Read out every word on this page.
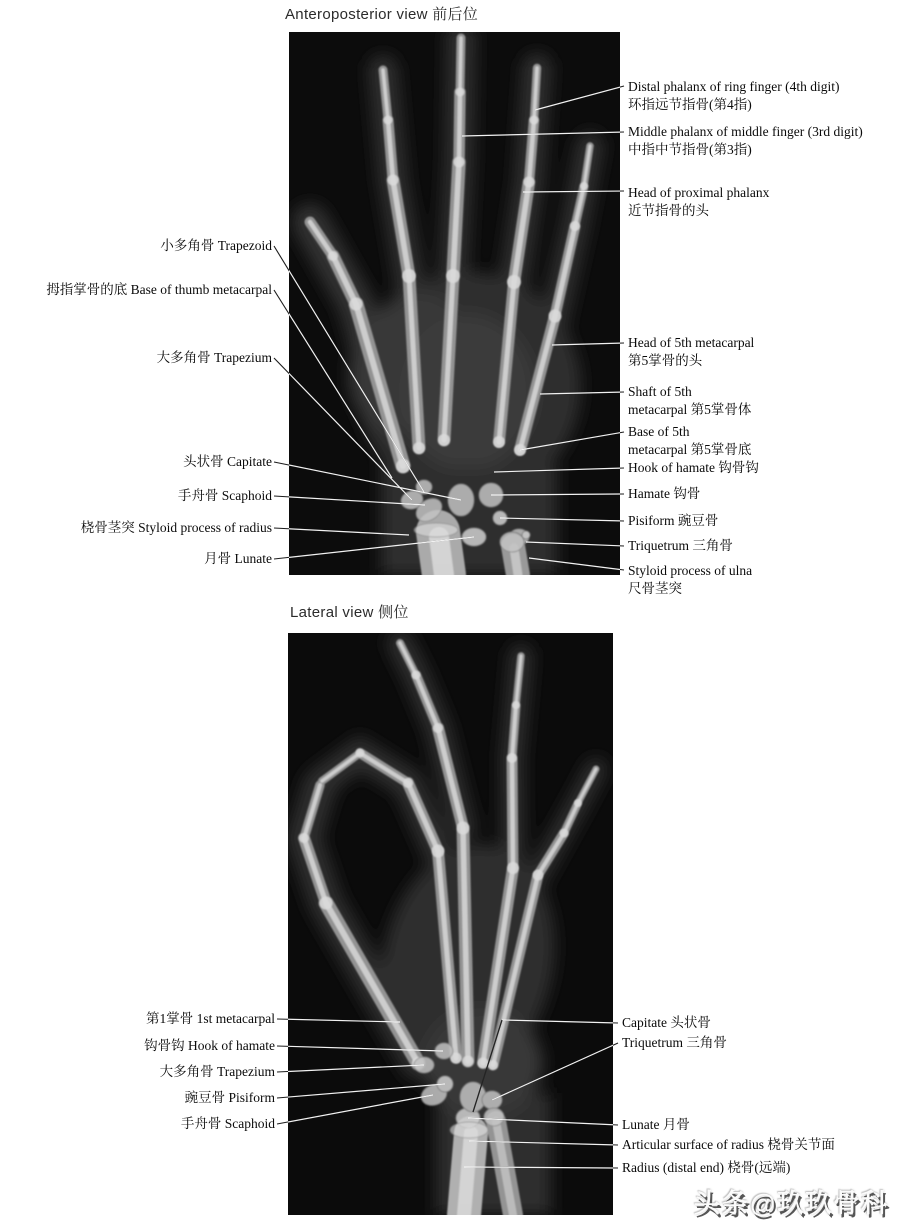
Anteroposterior view 前后位
小多角骨 Trapezoid
拇指掌骨的底 Base of thumb metacarpal
大多角骨 Trapezium
头状骨 Capitate
手舟骨 Scaphoid
桡骨茎突 Styloid process of radius
月骨 Lunate
Distal phalanx of ring finger (4th digit)
环指远节指骨(第4指)
Middle phalanx of middle finger (3rd digit)
中指中节指骨(第3指)
Head of proximal phalanx
近节指骨的头
Head of 5th metacarpal
第5掌骨的头
Shaft of 5th
metacarpal 第5掌骨体
Base of 5th
metacarpal 第5掌骨底
Hook of hamate 钩骨钩
Hamate 钩骨
Pisiform 豌豆骨
Triquetrum 三角骨
Styloid process of ulna
尺骨茎突
Lateral view 侧位
第1掌骨 1st metacarpal
钩骨钩 Hook of hamate
大多角骨 Trapezium
豌豆骨 Pisiform
手舟骨 Scaphoid
Capitate 头状骨
Triquetrum 三角骨
Lunate 月骨
Articular surface of radius 桡骨关节面
Radius (distal end) 桡骨(远端)
头条@玖玖骨科
